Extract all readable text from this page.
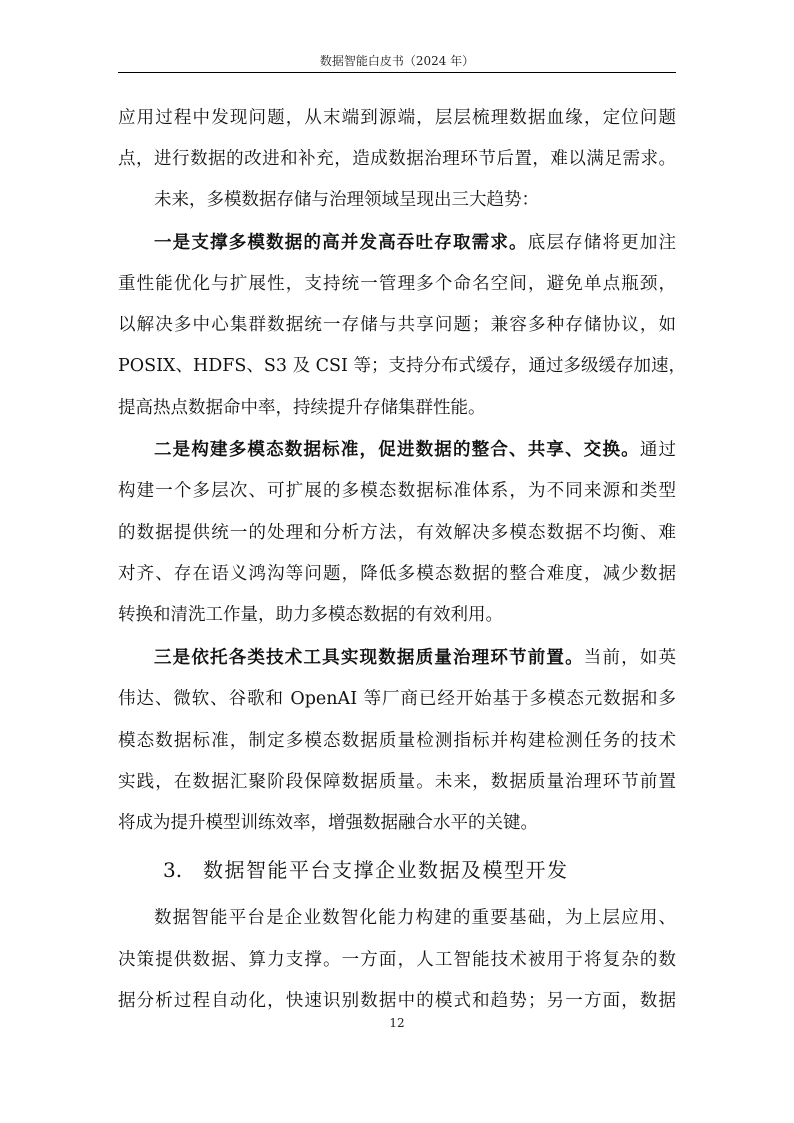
数据智能白皮书（2024 年）
应用过程中发现问题，从末端到源端，层层梳理数据血缘，定位问题
点，进行数据的改进和补充，造成数据治理环节后置，难以满足需求。
未来，多模数据存储与治理领域呈现出三大趋势：
一是支撑多模数据的高并发高吞吐存取需求。底层存储将更加注
重性能优化与扩展性，支持统一管理多个命名空间，避免单点瓶颈，
以解决多中心集群数据统一存储与共享问题；兼容多种存储协议，如
POSIX、HDFS、S3 及 CSI 等；支持分布式缓存，通过多级缓存加速，
提高热点数据命中率，持续提升存储集群性能。
二是构建多模态数据标准，促进数据的整合、共享、交换。通过
构建一个多层次、可扩展的多模态数据标准体系，为不同来源和类型
的数据提供统一的处理和分析方法，有效解决多模态数据不均衡、难
对齐、存在语义鸿沟等问题，降低多模态数据的整合难度，减少数据
转换和清洗工作量，助力多模态数据的有效利用。
三是依托各类技术工具实现数据质量治理环节前置。当前，如英
伟达、微软、谷歌和 OpenAI 等厂商已经开始基于多模态元数据和多
模态数据标准，制定多模态数据质量检测指标并构建检测任务的技术
实践，在数据汇聚阶段保障数据质量。未来，数据质量治理环节前置
将成为提升模型训练效率，增强数据融合水平的关键。
3. 数据智能平台支撑企业数据及模型开发
数据智能平台是企业数智化能力构建的重要基础，为上层应用、
决策提供数据、算力支撑。一方面，人工智能技术被用于将复杂的数
据分析过程自动化，快速识别数据中的模式和趋势；另一方面，数据
12
